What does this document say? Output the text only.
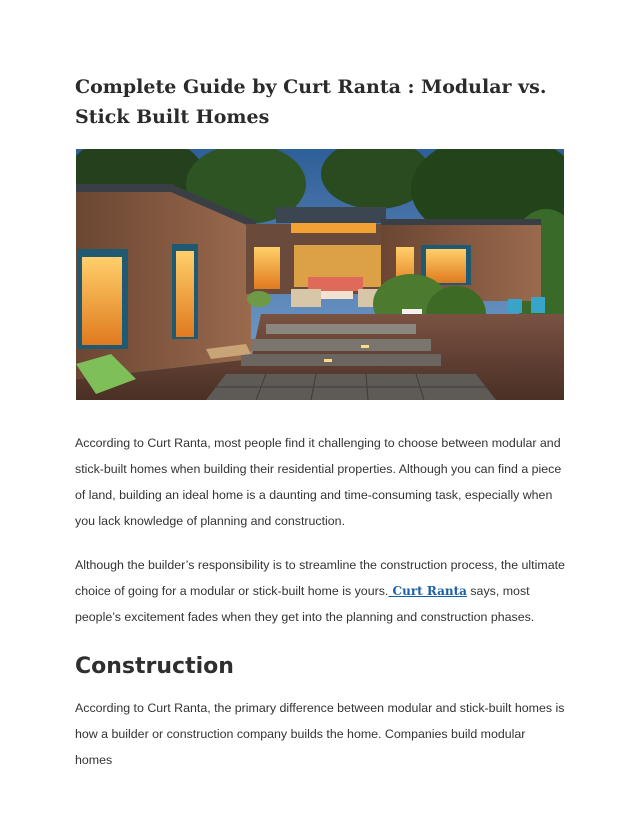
Complete Guide by Curt Ranta : Modular vs. Stick Built Homes

According to Curt Ranta, most people find it challenging to choose between modular and stick-built homes when building their residential properties. Although you can find a piece of land, building an ideal home is a daunting and time-consuming task, especially when you lack knowledge of planning and construction.

Although the builder’s responsibility is to streamline the construction process, the ultimate choice of going for a modular or stick-built home is yours. Curt Ranta says, most people’s excitement fades when they get into the planning and construction phases.

Construction

According to Curt Ranta, the primary difference between modular and stick-built homes is how a builder or construction company builds the home. Companies build modular homes
